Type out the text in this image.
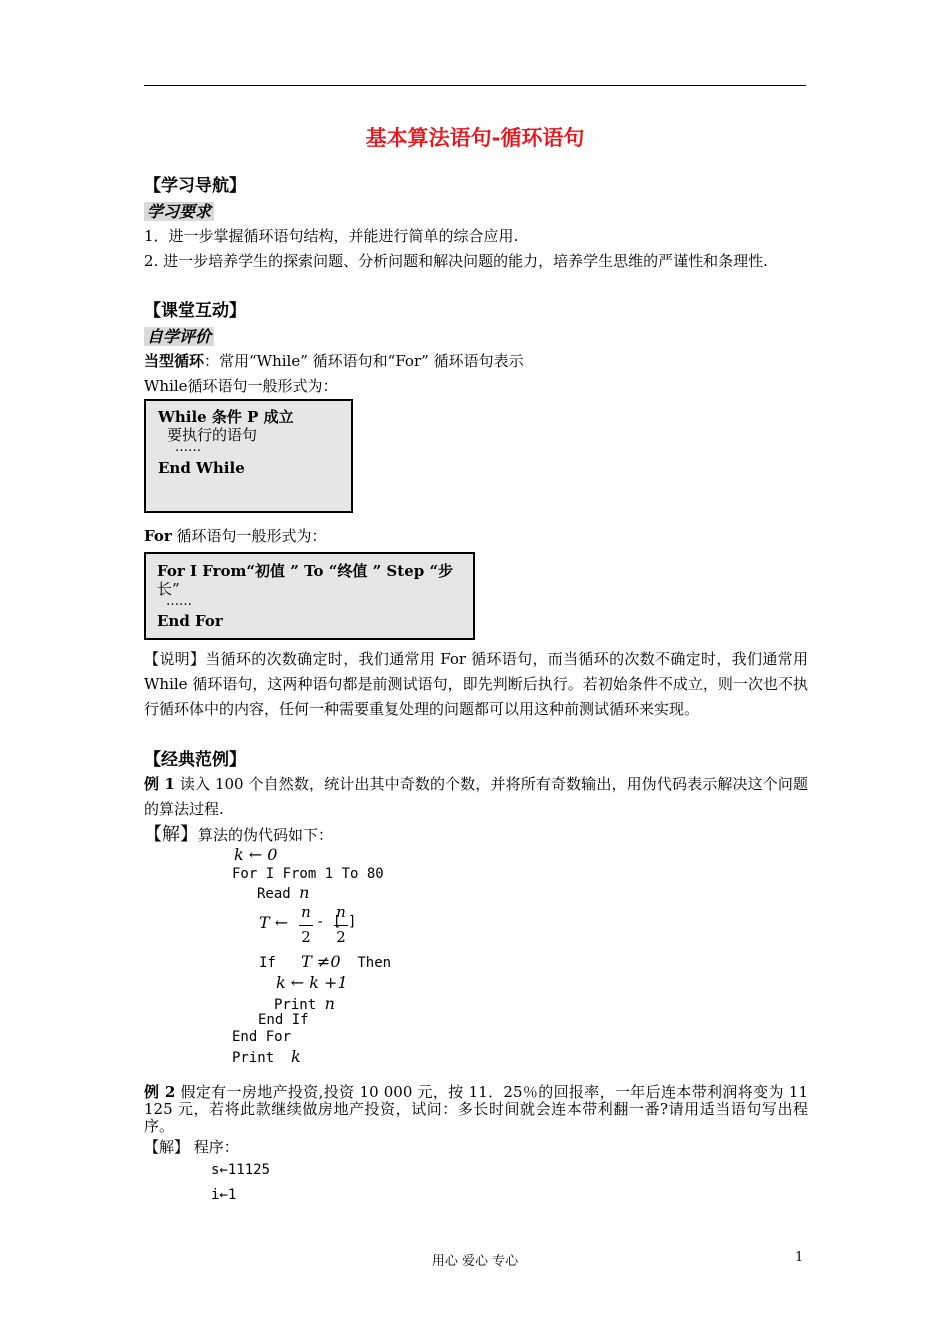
基本算法语句-循环语句
【学习导航】
学习要求
1．进一步掌握循环语句结构，并能进行简单的综合应用.
2. 进一步培养学生的探索问题、分析问题和解决问题的能力，培养学生思维的严谨性和条理性.
【课堂互动】
自学评价
当型循环：常用“While” 循环语句和“For” 循环语句表示
While循环语句一般形式为：
While 条件 P 成立
要执行的语句
……
End While
For 循环语句一般形式为：
For I From“初值 ” To “终值 ” Step “步
长”
……
End For
【说明】当循环的次数确定时，我们通常用 For 循环语句，而当循环的次数不确定时，我们通常用 While 循环语句，这两种语句都是前测试语句，即先判断后执行。若初始条件不成立，则一次也不执行循环体中的内容，任何一种需要重复处理的问题都可以用这种前测试循环来实现。
【经典范例】
例 1 读入 100 个自然数，统计出其中奇数的个数，并将所有奇数输出，用伪代码表示解决这个问题的算法过程.
【解】算法的伪代码如下：
k ← 0
For I From 1 To 80
Read n
T ←
n
2
- [
n
2
]
If T ≠0 Then
k ← k +1
Print n
End If
End For
Print k
例 2 假定有一房地产投资,投资 10 000 元，按 11．25％的回报率，一年后连本带利润将变为 11 125 元，若将此款继续做房地产投资，试问：多长时间就会连本带利翻一番?请用适当语句写出程序。
【解】 程序：
s←11125
i←1
用心 爱心 专心	1
